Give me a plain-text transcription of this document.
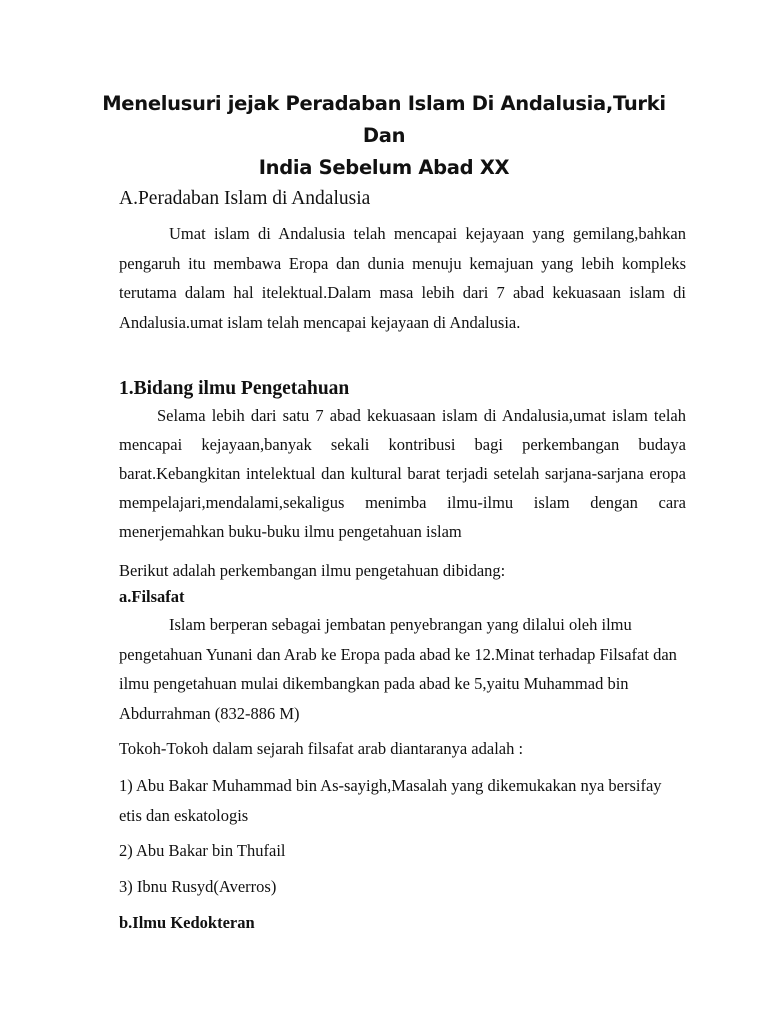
Menelusuri jejak Peradaban Islam Di Andalusia,Turki Dan
India Sebelum Abad XX
A.Peradaban Islam di Andalusia

Umat islam di Andalusia telah mencapai kejayaan yang gemilang,bahkan pengaruh itu membawa Eropa dan dunia menuju kemajuan yang lebih kompleks terutama dalam hal itelektual.Dalam masa lebih dari 7 abad kekuasaan islam di Andalusia.umat islam telah mencapai kejayaan di Andalusia.

1.Bidang ilmu Pengetahuan

Selama lebih dari satu 7 abad kekuasaan islam di Andalusia,umat islam telah mencapai kejayaan,banyak sekali kontribusi bagi perkembangan budaya barat.Kebangkitan intelektual dan kultural barat terjadi setelah sarjana-sarjana eropa mempelajari,mendalami,sekaligus menimba ilmu-ilmu islam dengan cara menerjemahkan buku-buku ilmu pengetahuan islam

Berikut adalah perkembangan ilmu pengetahuan dibidang:

a.Filsafat

Islam berperan sebagai jembatan penyebrangan yang dilalui oleh ilmu pengetahuan Yunani dan Arab ke Eropa pada abad ke 12.Minat terhadap Filsafat dan ilmu pengetahuan mulai dikembangkan pada abad ke 5,yaitu Muhammad bin Abdurrahman (832-886 M)

Tokoh-Tokoh dalam sejarah filsafat arab diantaranya adalah :

1) Abu Bakar Muhammad bin As-sayigh,Masalah yang dikemukakan nya bersifay etis dan eskatologis

2) Abu Bakar bin Thufail

3) Ibnu Rusyd(Averros)

b.Ilmu Kedokteran
